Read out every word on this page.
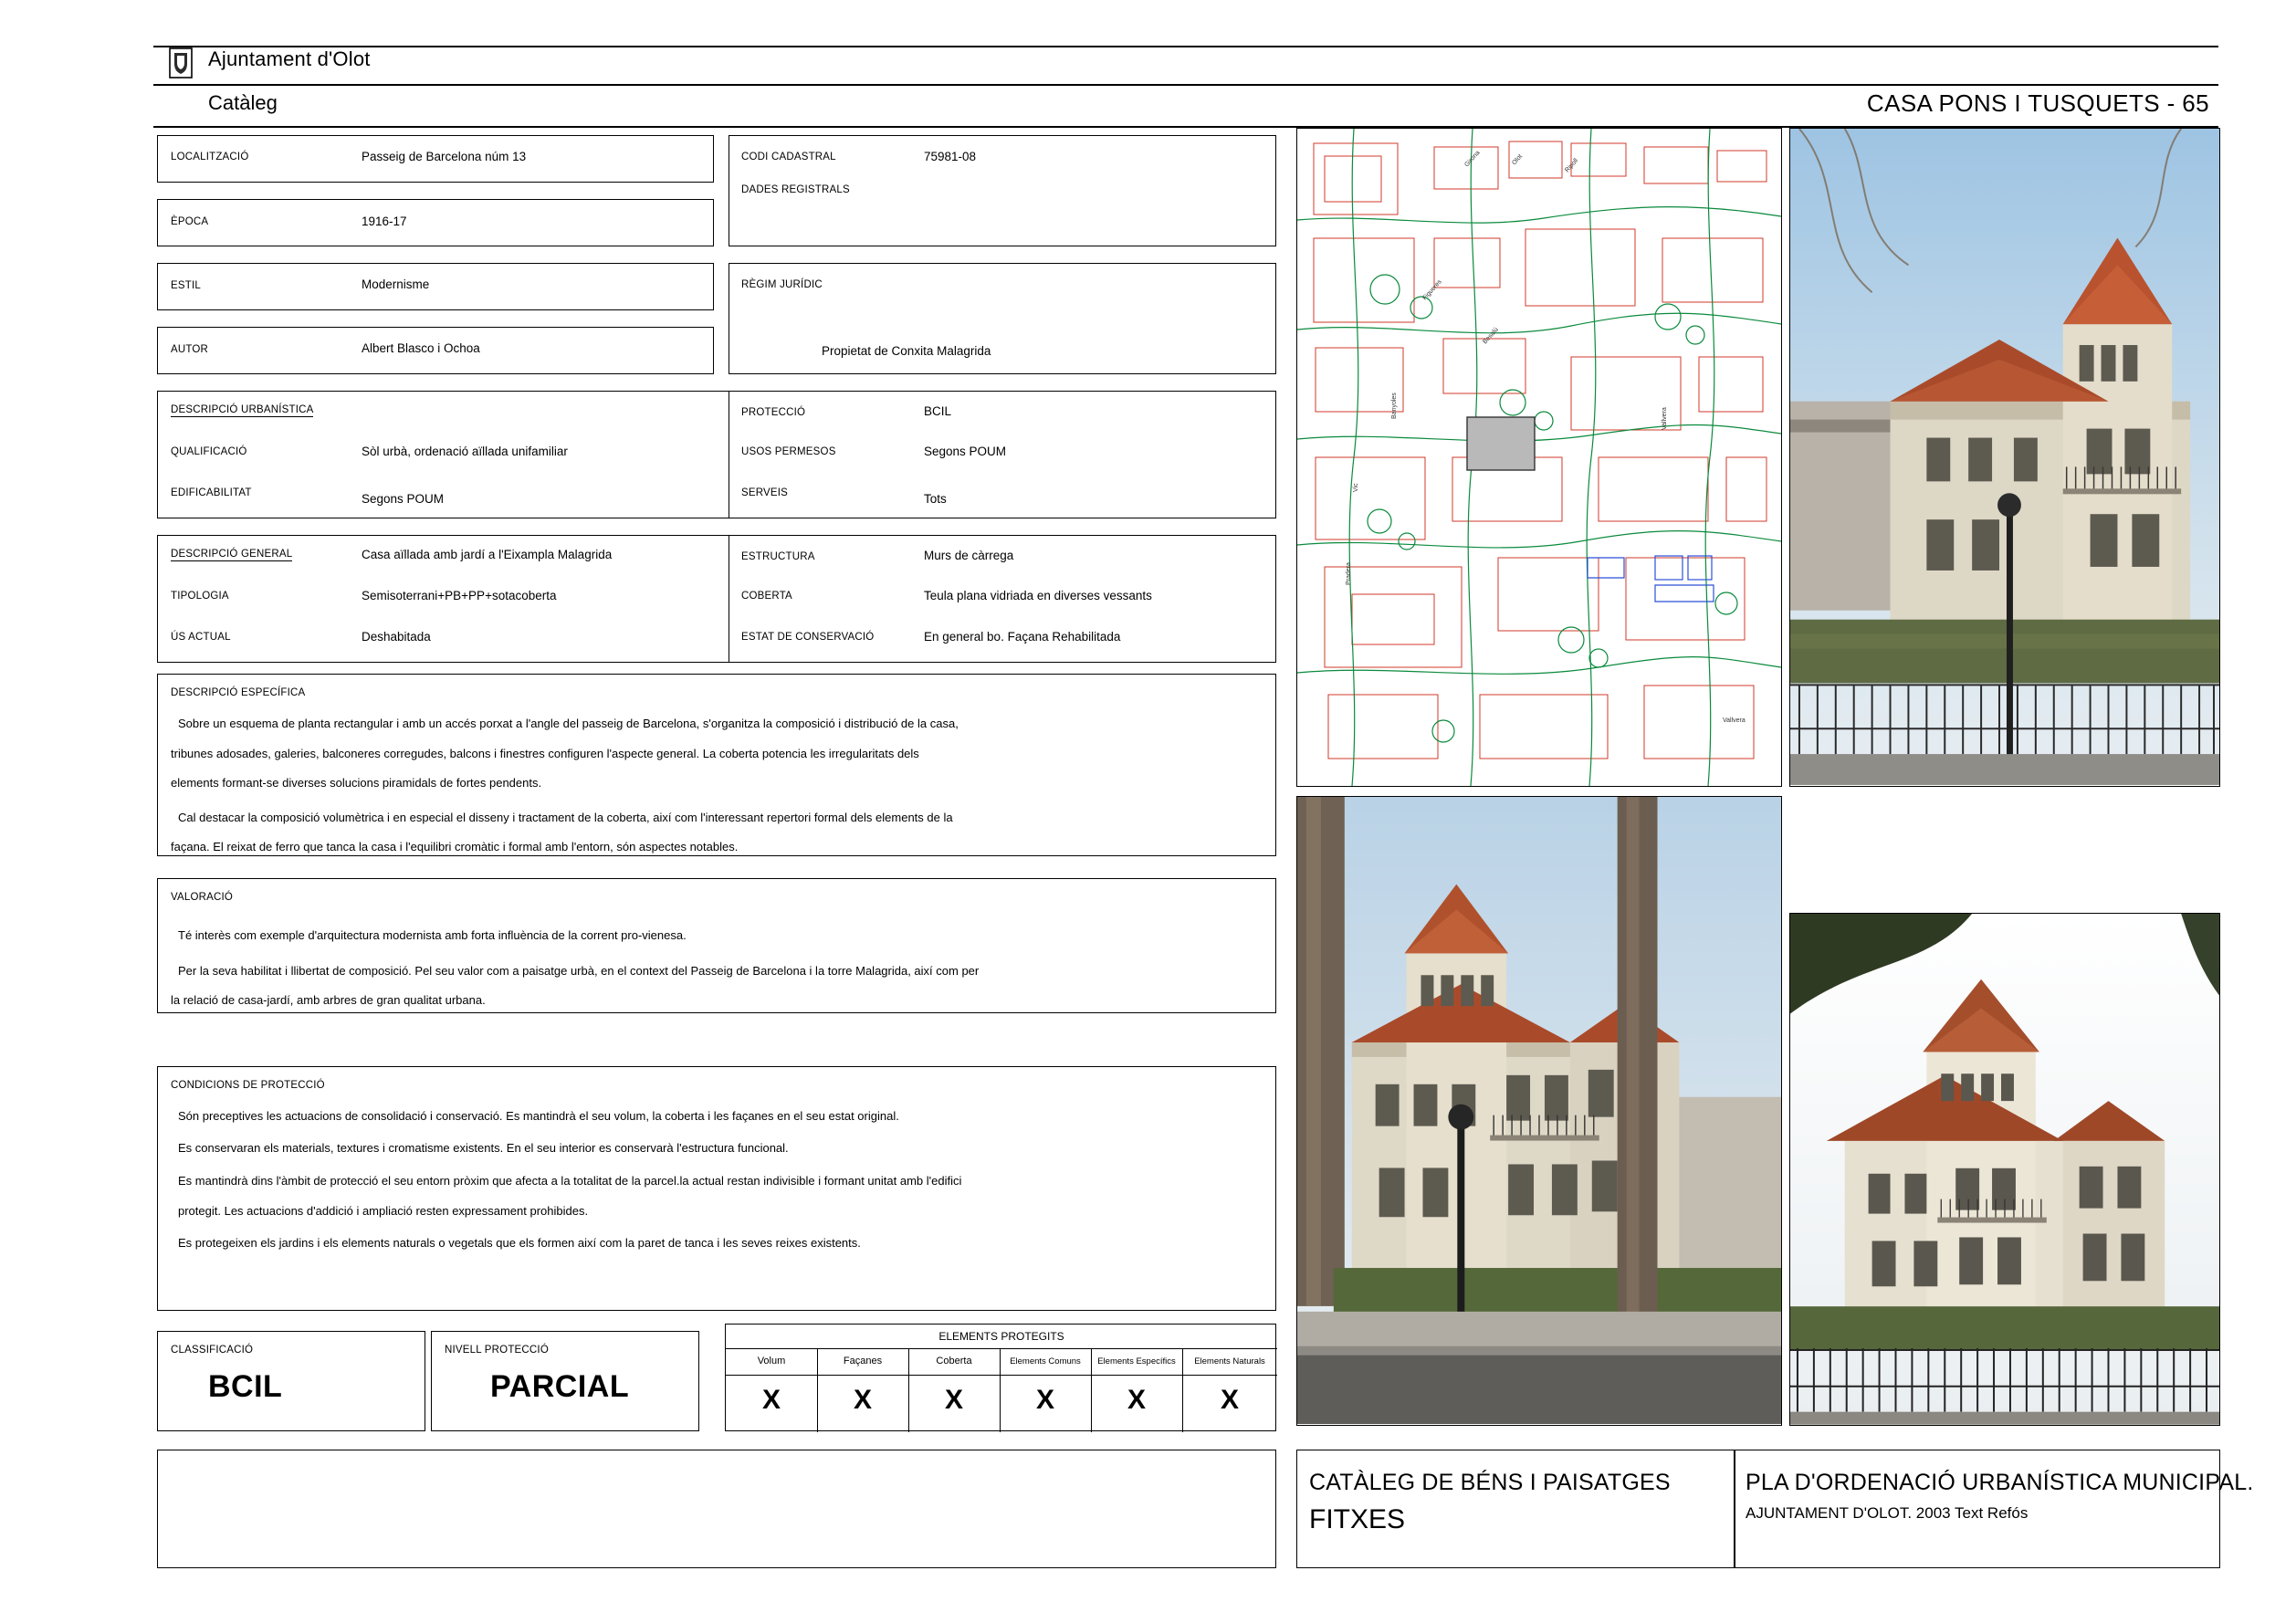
Ajuntament d'Olot
Catàleg	CASA PONS I TUSQUETS - 65
LOCALITZACIÓ	Passeig de Barcelona núm 13
ÈPOCA	1916-17
ESTIL	Modernisme
AUTOR	Albert Blasco i Ochoa
CODI CADASTRAL	75981-08
DADES REGISTRALS
RÈGIM JURÍDIC
Propietat de Conxita Malagrida
DESCRIPCIÓ URBANÍSTICA
QUALIFICACIÓ	Sòl urbà, ordenació aïllada unifamiliar
EDIFICABILITAT	Segons POUM
PROTECCIÓ	BCIL
USOS PERMESOS	Segons POUM
SERVEIS	Tots
DESCRIPCIÓ GENERAL	Casa aïllada amb jardí a l'Eixampla Malagrida
TIPOLOGIA	Semisoterrani+PB+PP+sotacoberta
ÚS ACTUAL	Deshabitada
ESTRUCTURA	Murs de càrrega
COBERTA	Teula plana vidriada en diverses vessants
ESTAT DE CONSERVACIÓ	En general bo. Façana Rehabilitada
DESCRIPCIÓ ESPECÍFICA
Sobre un esquema de planta rectangular i amb un accés porxat a l'angle del passeig de Barcelona, s'organitza la composició i distribució de la casa,
tribunes adosades, galeries, balconeres corregudes, balcons i finestres configuren l'aspecte general. La coberta potencia les irregularitats dels
elements formant-se diverses solucions piramidals de fortes pendents.
Cal destacar la composició volumètrica i en especial el disseny i tractament de la coberta, així com l'interessant repertori formal dels elements de la
façana. El reixat de ferro que tanca la casa i l'equilibri cromàtic i formal amb l'entorn, són aspectes notables.
VALORACIÓ
Té interès com exemple d'arquitectura modernista amb forta influència de la corrent pro-vienesa.
Per la seva habilitat i llibertat de composició. Pel seu valor com a paisatge urbà, en el context del Passeig de Barcelona i la torre Malagrida, així com per
la relació de casa-jardí, amb arbres de gran qualitat urbana.
CONDICIONS DE PROTECCIÓ
Són preceptives les actuacions de consolidació i conservació. Es mantindrà el seu volum, la coberta i les façanes en el seu estat original.
Es conservaran els materials, textures i cromatisme existents. En el seu interior es conservarà l'estructura funcional.
Es mantindrà dins l'àmbit de protecció el seu entorn pròxim que afecta a la totalitat de la parcel.la actual restan indivisible i formant unitat amb l'edifici
protegit. Les actuacions d'addició i ampliació resten expressament prohibides.
Es protegeixen els jardins i els elements naturals o vegetals que els formen així com la paret de tanca i les seves reixes existents.
CLASSIFICACIÓ
BCIL
NIVELL PROTECCIÓ
PARCIAL
ELEMENTS PROTEGITS
Volum	Façanes	Coberta	Elements Comuns	Elements Específics	Elements Naturals
X	X	X	X	X	X
CATÀLEG DE BÉNS I PAISATGES
FITXES
PLA D'ORDENACIÓ URBANÍSTICA MUNICIPAL.
AJUNTAMENT D'OLOT. 2003 Text Refós
Girona	Olot	Ripoll
Figueres
Besalú
Banyoles
Vic
Pradera
Vallvera
Vallvera
